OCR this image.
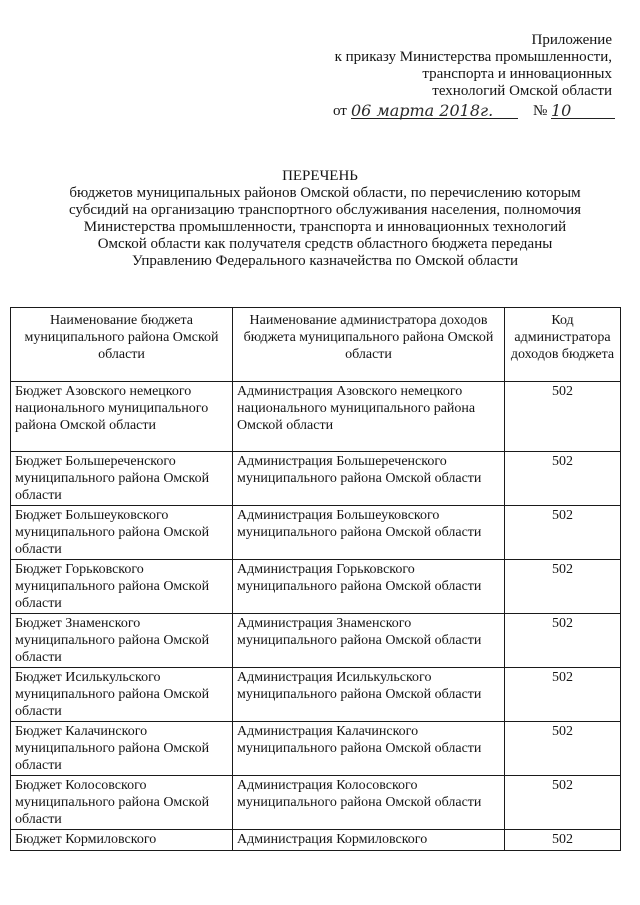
Приложение
к приказу Министерства промышленности,
транспорта и инновационных
технологий Омской области
от 06 марта 2018г.	№ 10
ПЕРЕЧЕНЬ
бюджетов муниципальных районов Омской области, по перечислению которым
субсидий на организацию транспортного обслуживания населения, полномочия
Министерства промышленности, транспорта и инновационных технологий
Омской области как получателя средств областного бюджета переданы
Управлению Федерального казначейства по Омской области
Наименование бюджета муниципального района Омской области	Наименование администратора доходов бюджета муниципального района Омской области	Код администратора доходов бюджета
Бюджет Азовского немецкого национального муниципального района Омской области	Администрация Азовского немецкого национального муниципального района Омской области	502
Бюджет Большереченского муниципального района Омской области	Администрация Большереченского муниципального района Омской области	502
Бюджет Большеуковского муниципального района Омской области	Администрация Большеуковского муниципального района Омской области	502
Бюджет Горьковского муниципального района Омской области	Администрация Горьковского муниципального района Омской области	502
Бюджет Знаменского муниципального района Омской области	Администрация Знаменского муниципального района Омской области	502
Бюджет Исилькульского муниципального района Омской области	Администрация Исилькульского муниципального района Омской области	502
Бюджет Калачинского муниципального района Омской области	Администрация Калачинского муниципального района Омской области	502
Бюджет Колосовского муниципального района Омской области	Администрация Колосовского муниципального района Омской области	502
Бюджет Кормиловского	Администрация Кормиловского	502
